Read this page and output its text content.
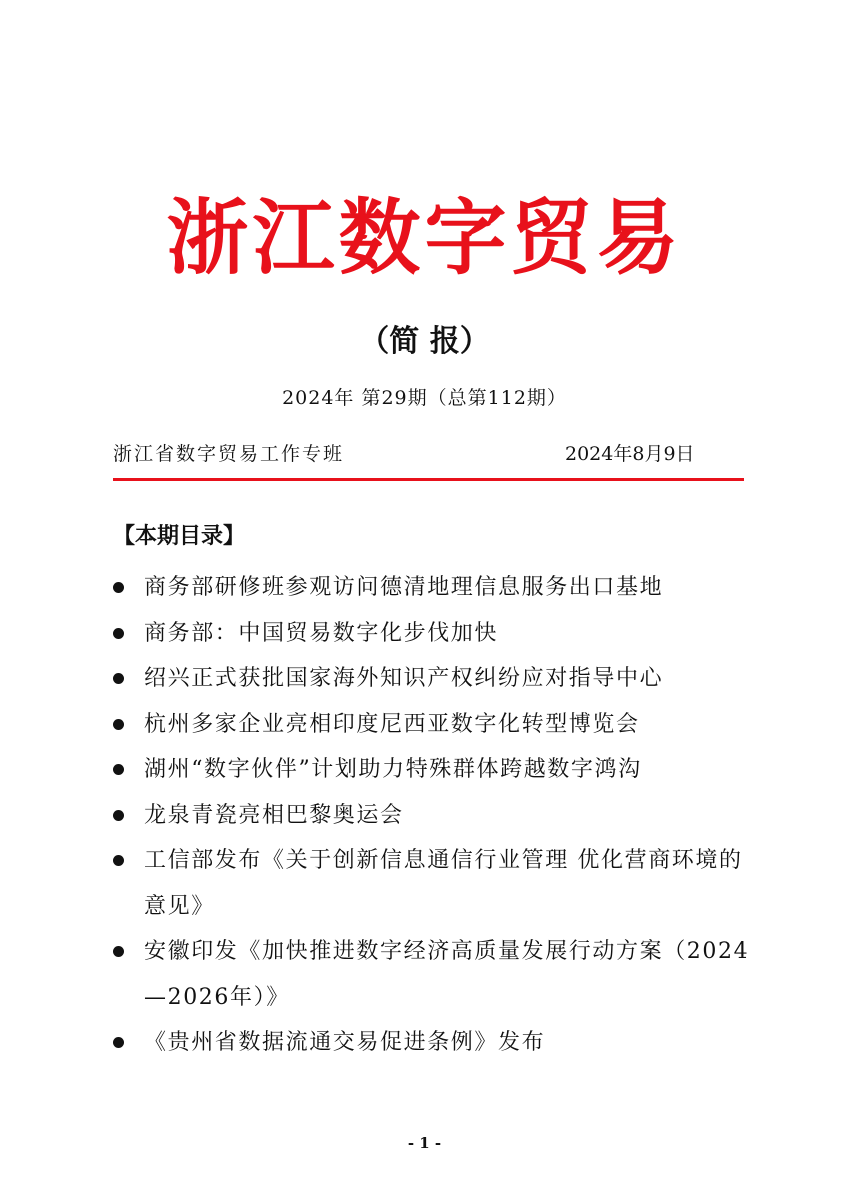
浙江数字贸易
（简 报）
2024年 第29期（总第112期）
浙江省数字贸易工作专班	2024年8月9日
【本期目录】
商务部研修班参观访问德清地理信息服务出口基地
商务部：中国贸易数字化步伐加快
绍兴正式获批国家海外知识产权纠纷应对指导中心
杭州多家企业亮相印度尼西亚数字化转型博览会
湖州“数字伙伴”计划助力特殊群体跨越数字鸿沟
龙泉青瓷亮相巴黎奥运会
工信部发布《关于创新信息通信行业管理 优化营商环境的意见》
安徽印发《加快推进数字经济高质量发展行动方案（2024—2026年）》
《贵州省数据流通交易促进条例》发布
- 1 -
